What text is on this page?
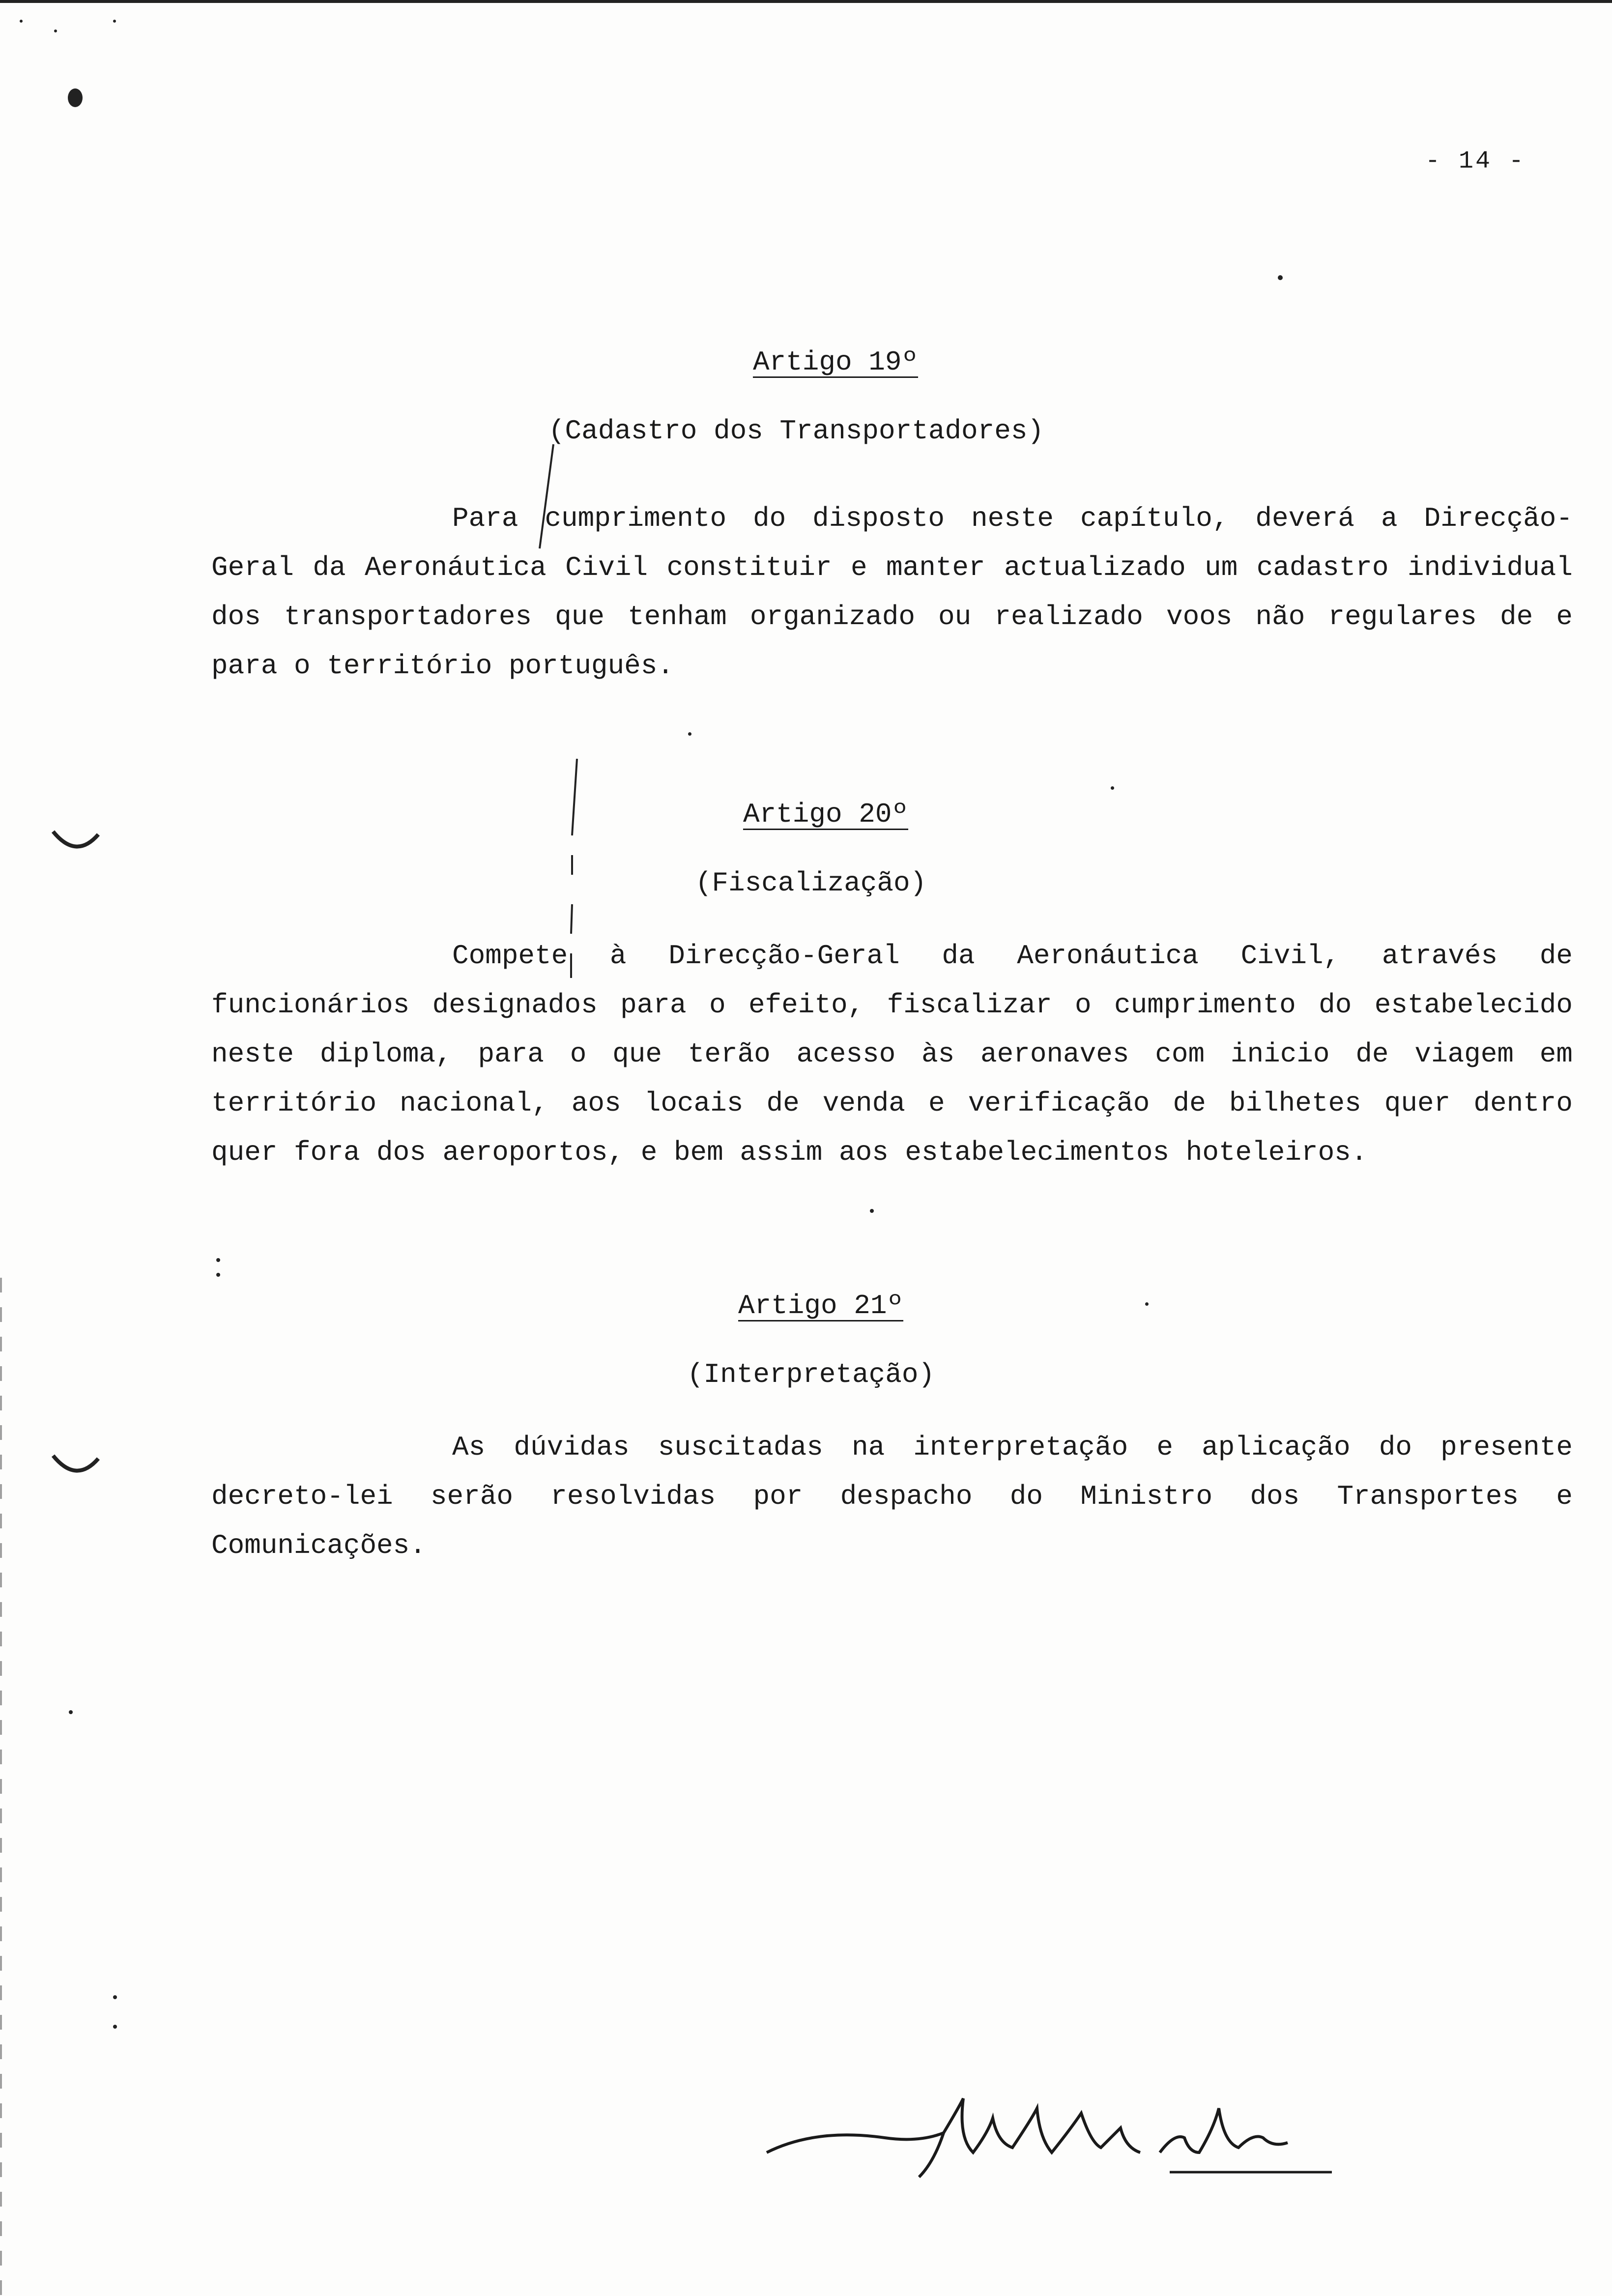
- 14 -
Artigo 19º
(Cadastro dos Transportadores)

Para cumprimento do disposto neste capítulo, deverá a Direcção-Geral da Aeronáutica Civil constituir e manter actualizado um cadastro individual dos transportadores que tenham organizado ou realizado voos não regulares de e para o território português.

Artigo 20º
(Fiscalização)

Compete à Direcção-Geral da Aeronáutica Civil, através de funcionários designados para o efeito, fiscalizar o cumprimento do estabelecido neste diploma, para o que terão acesso às aeronaves com inicio de viagem em território nacional, aos locais de venda e verificação de bilhetes quer dentro quer fora dos aeroportos, e bem assim aos estabelecimentos hoteleiros.

Artigo 21º
(Interpretação)

As dúvidas suscitadas na interpretação e aplicação do presente decreto-lei serão resolvidas por despacho do Ministro dos Transportes e Comunicações.
